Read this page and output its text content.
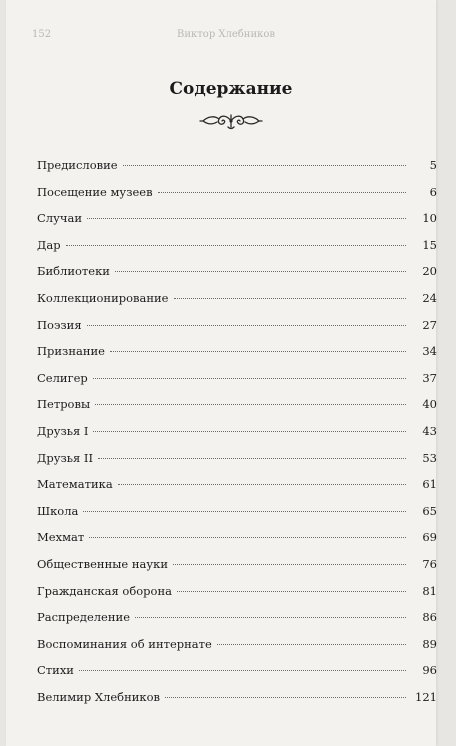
152	Виктор Хлебников
Содержание
Предисловие	5
Посещение музеев	6
Случаи	10
Дар	15
Библиотеки	20
Коллекционирование	24
Поэзия	27
Признание	34
Селигер	37
Петровы	40
Друзья I	43
Друзья II	53
Математика	61
Школа	65
Мехмат	69
Общественные науки	76
Гражданская оборона	81
Распределение	86
Воспоминания об интернате	89
Стихи	96
Велимир Хлебников	121
